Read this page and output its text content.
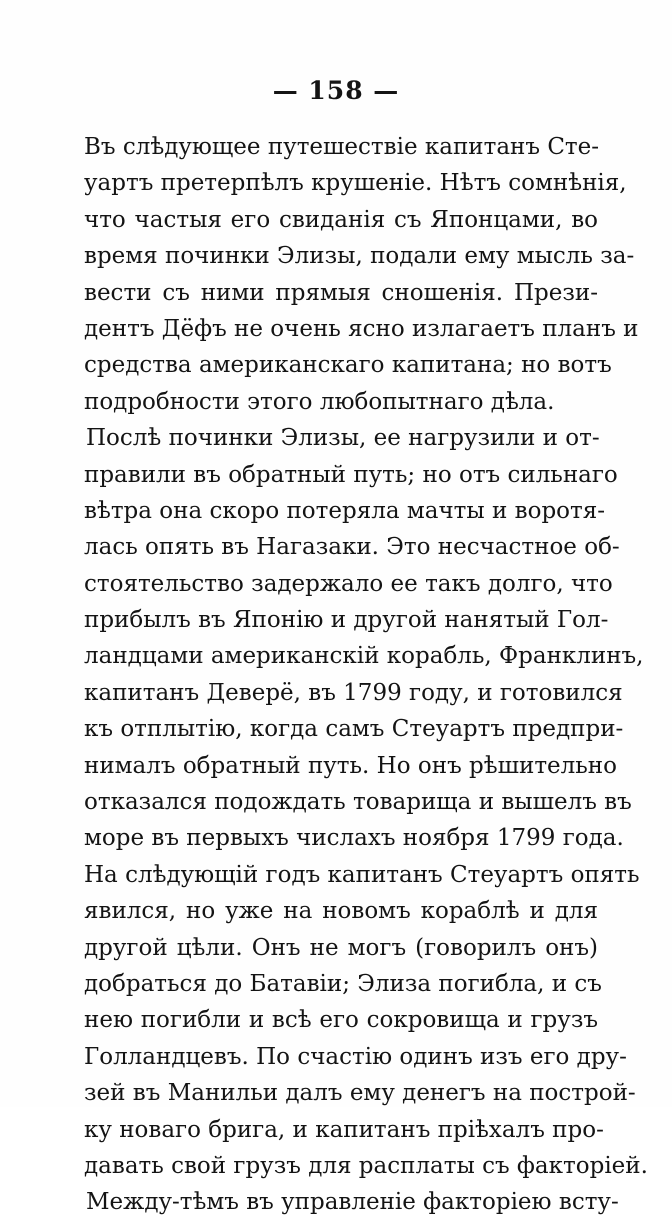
— 158 —
Въ слѣдующее путешествіе капитанъ Сте-
уартъ претерпѣлъ крушеніе. Нѣтъ сомнѣнія,
что частыя его свиданія съ Японцами, во
время починки Элизы, подали ему мысль за-
вести съ ними прямыя сношенія. Прези-
дентъ Дёфъ не очень ясно излагаетъ планъ и
средства американскаго капитана; но вотъ
подробности этого любопытнаго дѣла.
Послѣ починки Элизы, ее нагрузили и от-
правили въ обратный путь; но отъ сильнаго
вѣтра она скоро потеряла мачты и воротя-
лась опять въ Нагазаки. Это несчастное об-
стоятельство задержало ее такъ долго, что
прибылъ въ Японію и другой нанятый Гол-
ландцами американскій корабль, Франклинъ,
капитанъ Деверё, въ 1799 году, и готовился
къ отплытію, когда самъ Стеуартъ предпри-
нималъ обратный путь. Но онъ рѣшительно
отказался подождать товарища и вышелъ въ
море въ первыхъ числахъ ноября 1799 года.
На слѣдующій годъ капитанъ Стеуартъ опять
явился, но уже на новомъ кораблѣ и для
другой цѣли. Онъ не могъ (говорилъ онъ)
добраться до Батавіи; Элиза погибла, и съ
нею погибли и всѣ его сокровища и грузъ
Голландцевъ. По счастію одинъ изъ его дру-
зей въ Манильи далъ ему денегъ на построй-
ку новаго брига, и капитанъ пріѣхалъ про-
давать свой грузъ для расплаты съ факторіей.
Между-тѣмъ въ управленіе факторіею всту-
